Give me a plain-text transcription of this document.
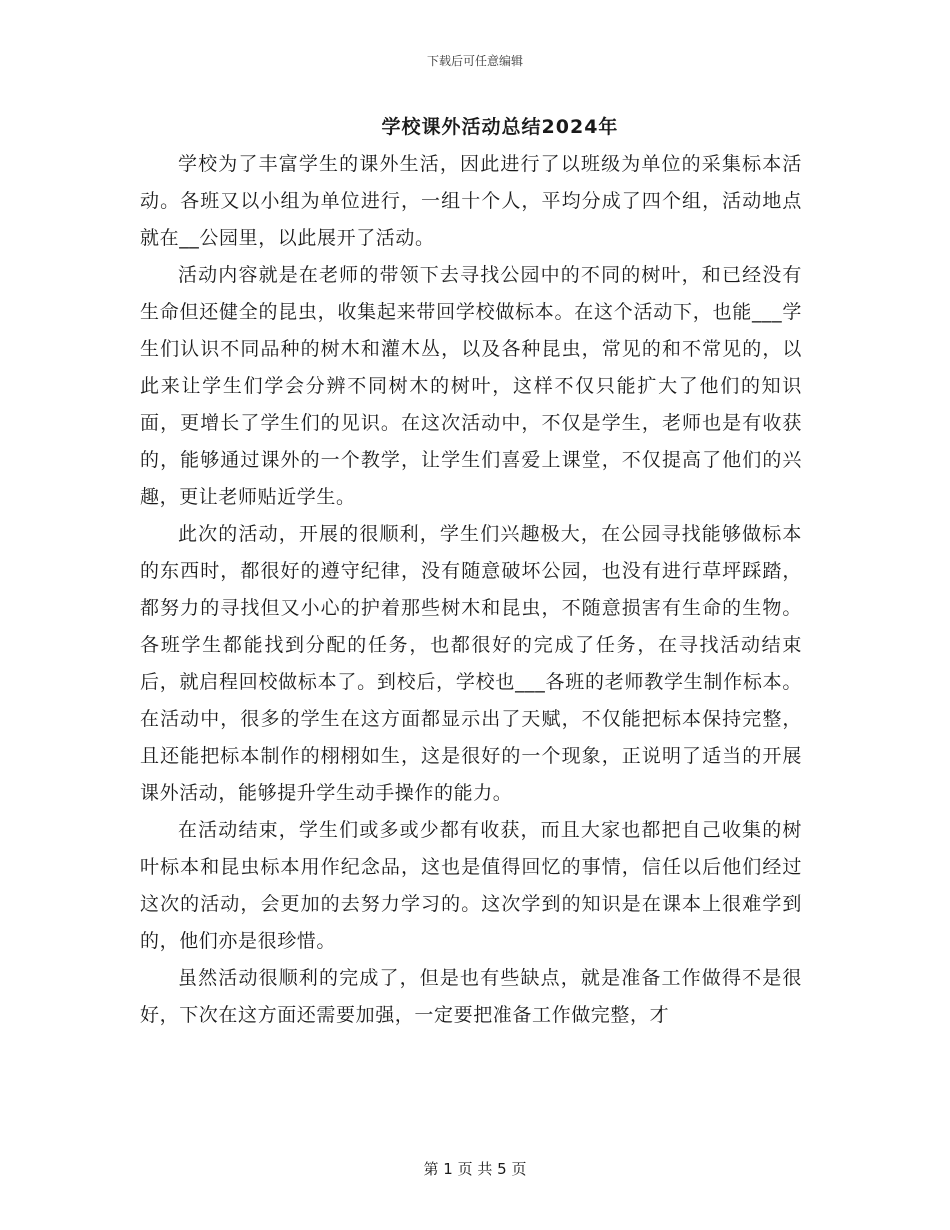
下载后可任意编辑
学校课外活动总结2024年

学校为了丰富学生的课外生活，因此进行了以班级为单位的采集标本活动。各班又以小组为单位进行，一组十个人，平均分成了四个组，活动地点就在__公园里，以此展开了活动。

活动内容就是在老师的带领下去寻找公园中的不同的树叶，和已经没有生命但还健全的昆虫，收集起来带回学校做标本。在这个活动下，也能___学生们认识不同品种的树木和灌木丛，以及各种昆虫，常见的和不常见的，以此来让学生们学会分辨不同树木的树叶，这样不仅只能扩大了他们的知识面，更增长了学生们的见识。在这次活动中，不仅是学生，老师也是有收获的，能够通过课外的一个教学，让学生们喜爱上课堂，不仅提高了他们的兴趣，更让老师贴近学生。

此次的活动，开展的很顺利，学生们兴趣极大，在公园寻找能够做标本的东西时，都很好的遵守纪律，没有随意破坏公园，也没有进行草坪踩踏，都努力的寻找但又小心的护着那些树木和昆虫，不随意损害有生命的生物。各班学生都能找到分配的任务，也都很好的完成了任务，在寻找活动结束后，就启程回校做标本了。到校后，学校也___各班的老师教学生制作标本。在活动中，很多的学生在这方面都显示出了天赋，不仅能把标本保持完整，且还能把标本制作的栩栩如生，这是很好的一个现象，正说明了适当的开展课外活动，能够提升学生动手操作的能力。

在活动结束，学生们或多或少都有收获，而且大家也都把自己收集的树叶标本和昆虫标本用作纪念品，这也是值得回忆的事情，信任以后他们经过这次的活动，会更加的去努力学习的。这次学到的知识是在课本上很难学到的，他们亦是很珍惜。

虽然活动很顺利的完成了，但是也有些缺点，就是准备工作做得不是很好，下次在这方面还需要加强，一定要把准备工作做完整，才

第 1 页 共 5 页
